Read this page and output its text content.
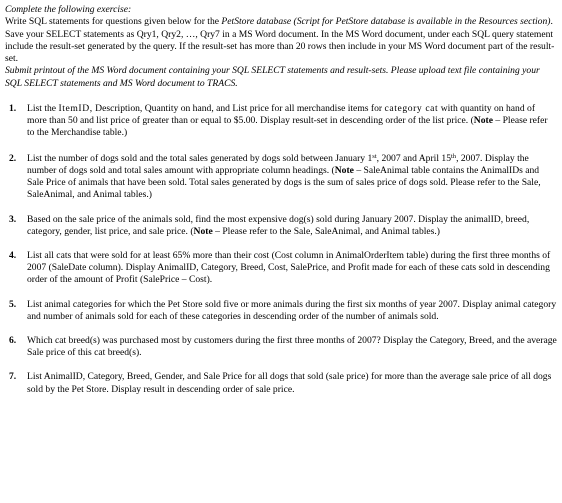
Complete the following exercise:

Write SQL statements for questions given below for the PetStore database (Script for PetStore database is available in the Resources section). Save your SELECT statements as Qry1, Qry2, …, Qry7 in a MS Word document. In the MS Word document, under each SQL query statement include the result-set generated by the query. If the result-set has more than 20 rows then include in your MS Word document part of the result-set.

Submit printout of the MS Word document containing your SQL SELECT statements and result-sets. Please upload text file containing your SQL SELECT statements and MS Word document to TRACS.

1. List the ItemID, Description, Quantity on hand, and List price for all merchandise items for category cat with quantity on hand of more than 50 and list price of greater than or equal to $5.00. Display result-set in descending order of the list price. (Note – Please refer to the Merchandise table.)
2. List the number of dogs sold and the total sales generated by dogs sold between January 1st, 2007 and April 15th, 2007. Display the number of dogs sold and total sales amount with appropriate column headings. (Note – SaleAnimal table contains the AnimalIDs and Sale Price of animals that have been sold. Total sales generated by dogs is the sum of sales price of dogs sold. Please refer to the Sale, SaleAnimal, and Animal tables.)
3. Based on the sale price of the animals sold, find the most expensive dog(s) sold during January 2007. Display the animalID, breed, category, gender, list price, and sale price. (Note – Please refer to the Sale, SaleAnimal, and Animal tables.)
4. List all cats that were sold for at least 65% more than their cost (Cost column in AnimalOrderItem table) during the first three months of 2007 (SaleDate column). Display AnimalID, Category, Breed, Cost, SalePrice, and Profit made for each of these cats sold in descending order of the amount of Profit (SalePrice – Cost).
5. List animal categories for which the Pet Store sold five or more animals during the first six months of year 2007. Display animal category and number of animals sold for each of these categories in descending order of the number of animals sold.
6. Which cat breed(s) was purchased most by customers during the first three months of 2007? Display the Category, Breed, and the average Sale price of this cat breed(s).
7. List AnimalID, Category, Breed, Gender, and Sale Price for all dogs that sold (sale price) for more than the average sale price of all dogs sold by the Pet Store. Display result in descending order of sale price.
